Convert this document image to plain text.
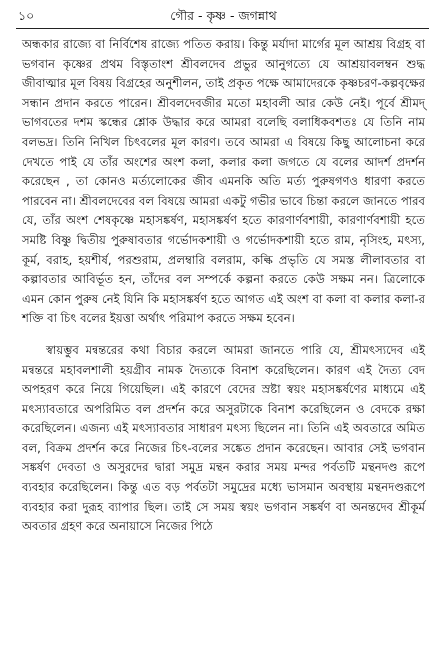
১০	গৌর - কৃষ্ণ - জগন্নাথ

অন্ধকার রাজ্যে বা নির্বিশেষ রাজ্যে পতিত করায়। কিন্তু মর্যাদা মার্গের মূল আশ্রয় বিগ্রহ বা ভগবান কৃষ্ণের প্রথম বিস্তৃতাংশ শ্রীবলদেব প্রভুর আনুগত্যে যে আশ্রয়াবলম্বন শুদ্ধ জীবাত্মার মূল বিষয় বিগ্রহের অনুশীলন, তাই প্রকৃত পক্ষে আমাদেরকে কৃষ্ণচরণ-কল্পবৃক্ষের সন্ধান প্রদান করতে পারেন। শ্রীবলদেবজীর মতো মহাবলী আর কেউ নেই। পূর্বে শ্রীমদ্ ভাগবতের দশম স্কন্ধের শ্লোক উদ্ধার করে আমরা বলেছি বলাধিকবশতঃ যে তিনি নাম বলভদ্র। তিনি নিখিল চিৎবলের মূল কারণ। তবে আমরা এ বিষয়ে কিছু আলোচনা করে দেখতে পাই যে তাঁর অংশের অংশ কলা, কলার কলা জগতে যে বলের আদর্শ প্রদর্শন করেছেন , তা কোনও মর্ত্যলোকের জীব এমনকি অতি মর্ত্য পুরুষগণও ধারণা করতে পারবেন না। শ্রীবলদেবের বল বিষয়ে আমরা একটু গভীর ভাবে চিন্তা করলে জানতে পারব যে, তাঁর অংশ শেষকৃষ্ণে মহাসঙ্কর্ষণ, মহাসঙ্কর্ষণ হতে কারণার্ণবশায়ী, কারণার্ণবশায়ী হতে সমষ্টি বিষ্ণু দ্বিতীয় পুরুষাবতার গর্ভোদকশায়ী ও গর্ভোদকশায়ী হতে রাম, নৃসিংহ, মৎস্য, কূর্ম, বরাহ, হয়শীর্ষ, পরশুরাম, প্রলম্বারি বলরাম, কল্কি প্রভৃতি যে সমস্ত লীলাবতার বা কল্পাবতার আবির্ভূত হন, তাঁদের বল সম্পর্কে কল্পনা করতে কেউ সক্ষম নন। ত্রিলোকে এমন কোন পুরুষ নেই যিনি কি মহাসঙ্কর্ষণ হতে আগত এই অংশ বা কলা বা কলার কলা-র শক্তি বা চিৎ বলের ইয়ত্তা অর্থাৎ পরিমাপ করতে সক্ষম হবেন।

স্বায়ম্ভুব মন্বন্তরের কথা বিচার করলে আমরা জানতে পারি যে, শ্রীমৎস্যদেব এই মন্বন্তরে মহাবলশালী হয়গ্রীব নামক দৈত্যকে বিনাশ করেছিলেন। কারণ এই দৈত্য বেদ অপহরণ করে নিয়ে গিয়েছিল। এই কারণে বেদের স্রষ্টা স্বয়ং মহাসঙ্কর্ষণের মাধ্যমে এই মৎস্যাবতারে অপরিমিত বল প্রদর্শন করে অসুরটাকে বিনাশ করেছিলেন ও বেদকে রক্ষা করেছিলেন। এজন্য এই মৎস্যাবতার সাধারণ মৎস্য ছিলেন না। তিনি এই অবতারে অমিত বল, বিক্রম প্রদর্শন করে নিজের চিৎ-বলের সঙ্কেত প্রদান করেছেন। আবার সেই ভগবান সঙ্কর্ষণ দেবতা ও অসুরদের দ্বারা সমুদ্র মন্থন করার সময় মন্দর পর্বতটি মন্থনদণ্ড রূপে ব্যবহার করেছিলেন। কিন্তু এত বড় পর্বতটা সমুদ্রের মধ্যে ভাসমান অবস্থায় মন্থনদণ্ডরূপে ব্যবহার করা দুরূহ ব্যাপার ছিল। তাই সে সময় স্বয়ং ভগবান সঙ্কর্ষণ বা অনন্তদেব শ্রীকূর্ম অবতার গ্রহণ করে অনায়াসে নিজের পিঠে
